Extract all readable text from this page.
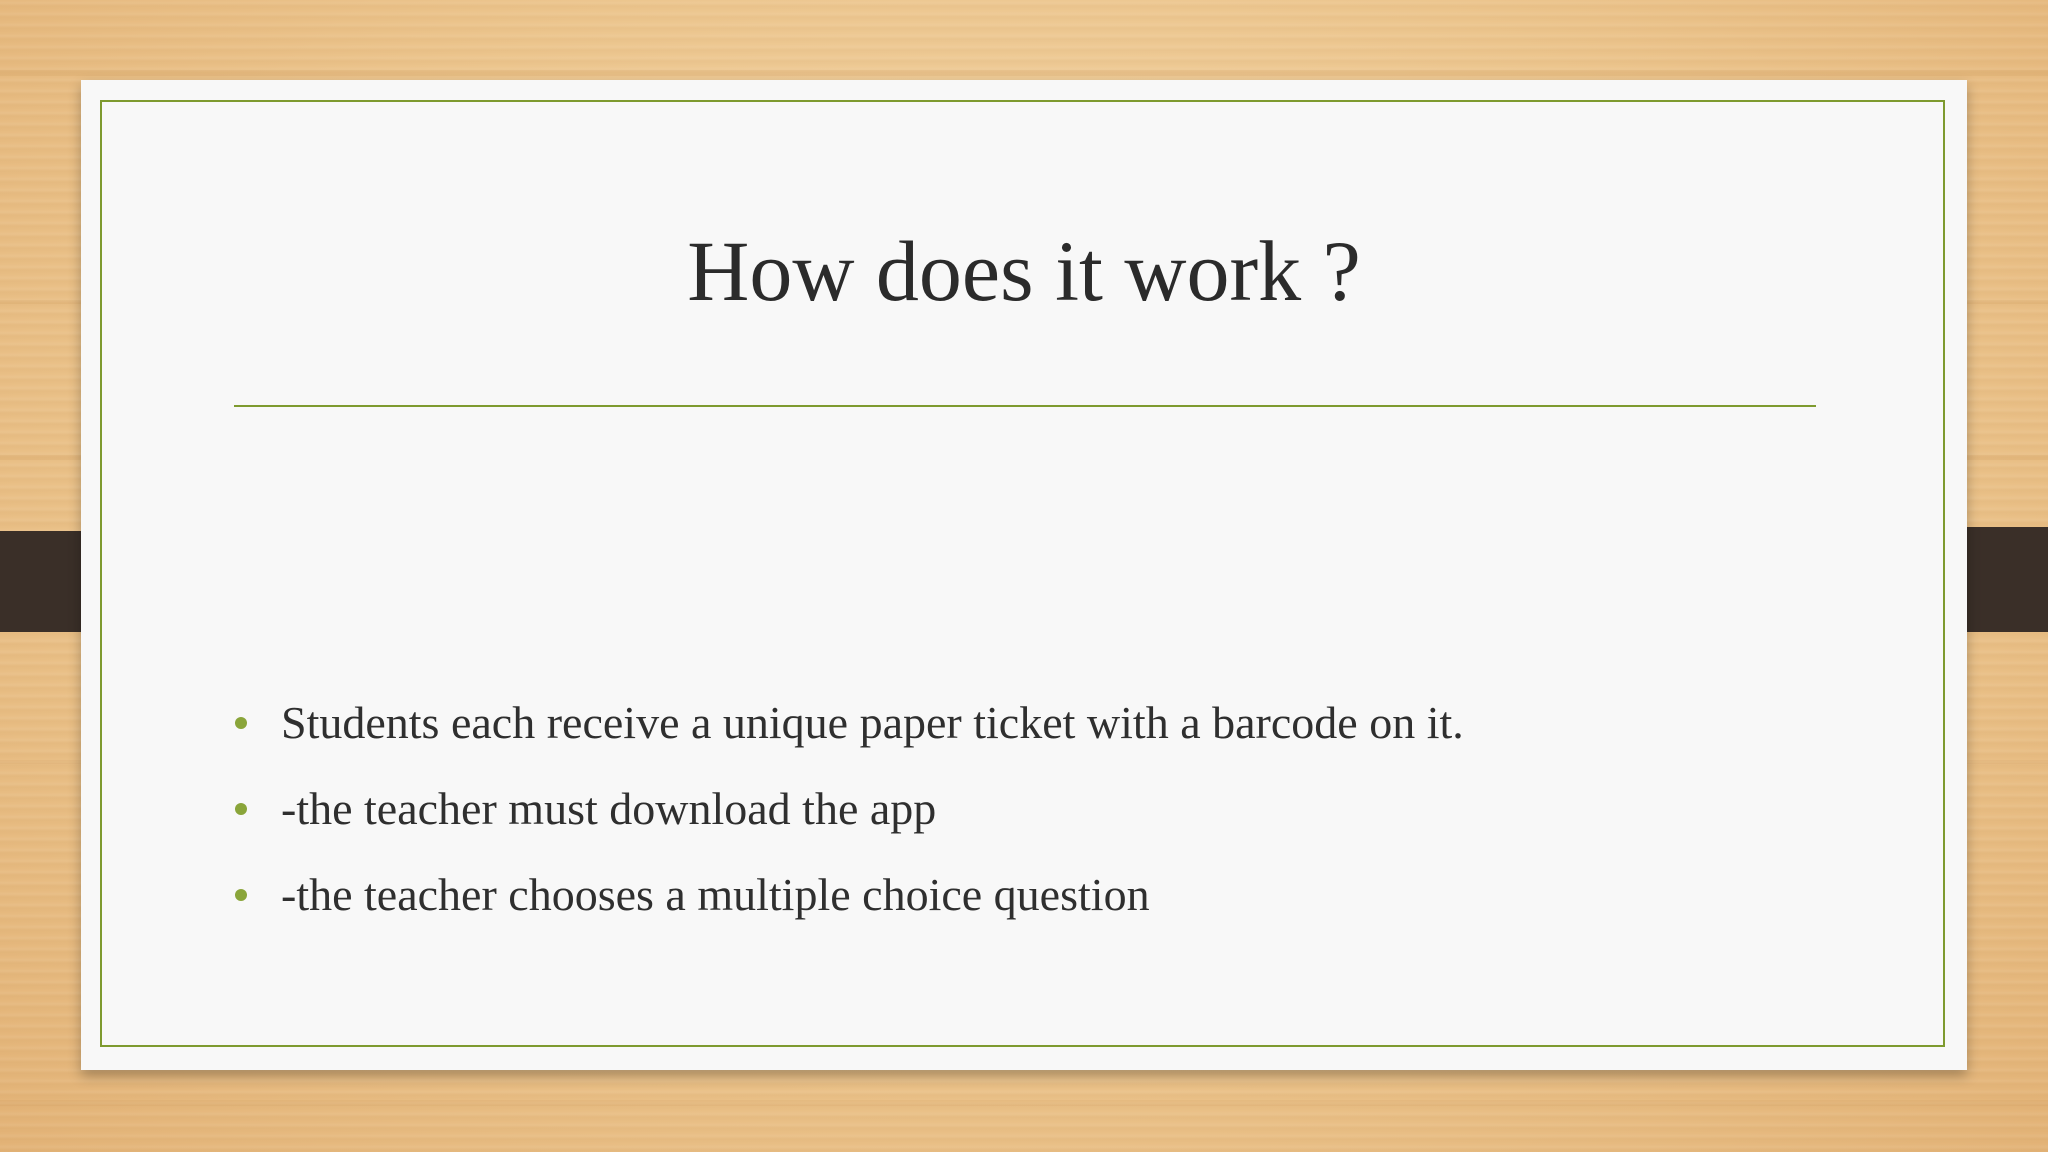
How does it work ?
Students each receive a unique paper ticket with a barcode on it.
-the teacher must download the app
-the teacher chooses a multiple choice question
